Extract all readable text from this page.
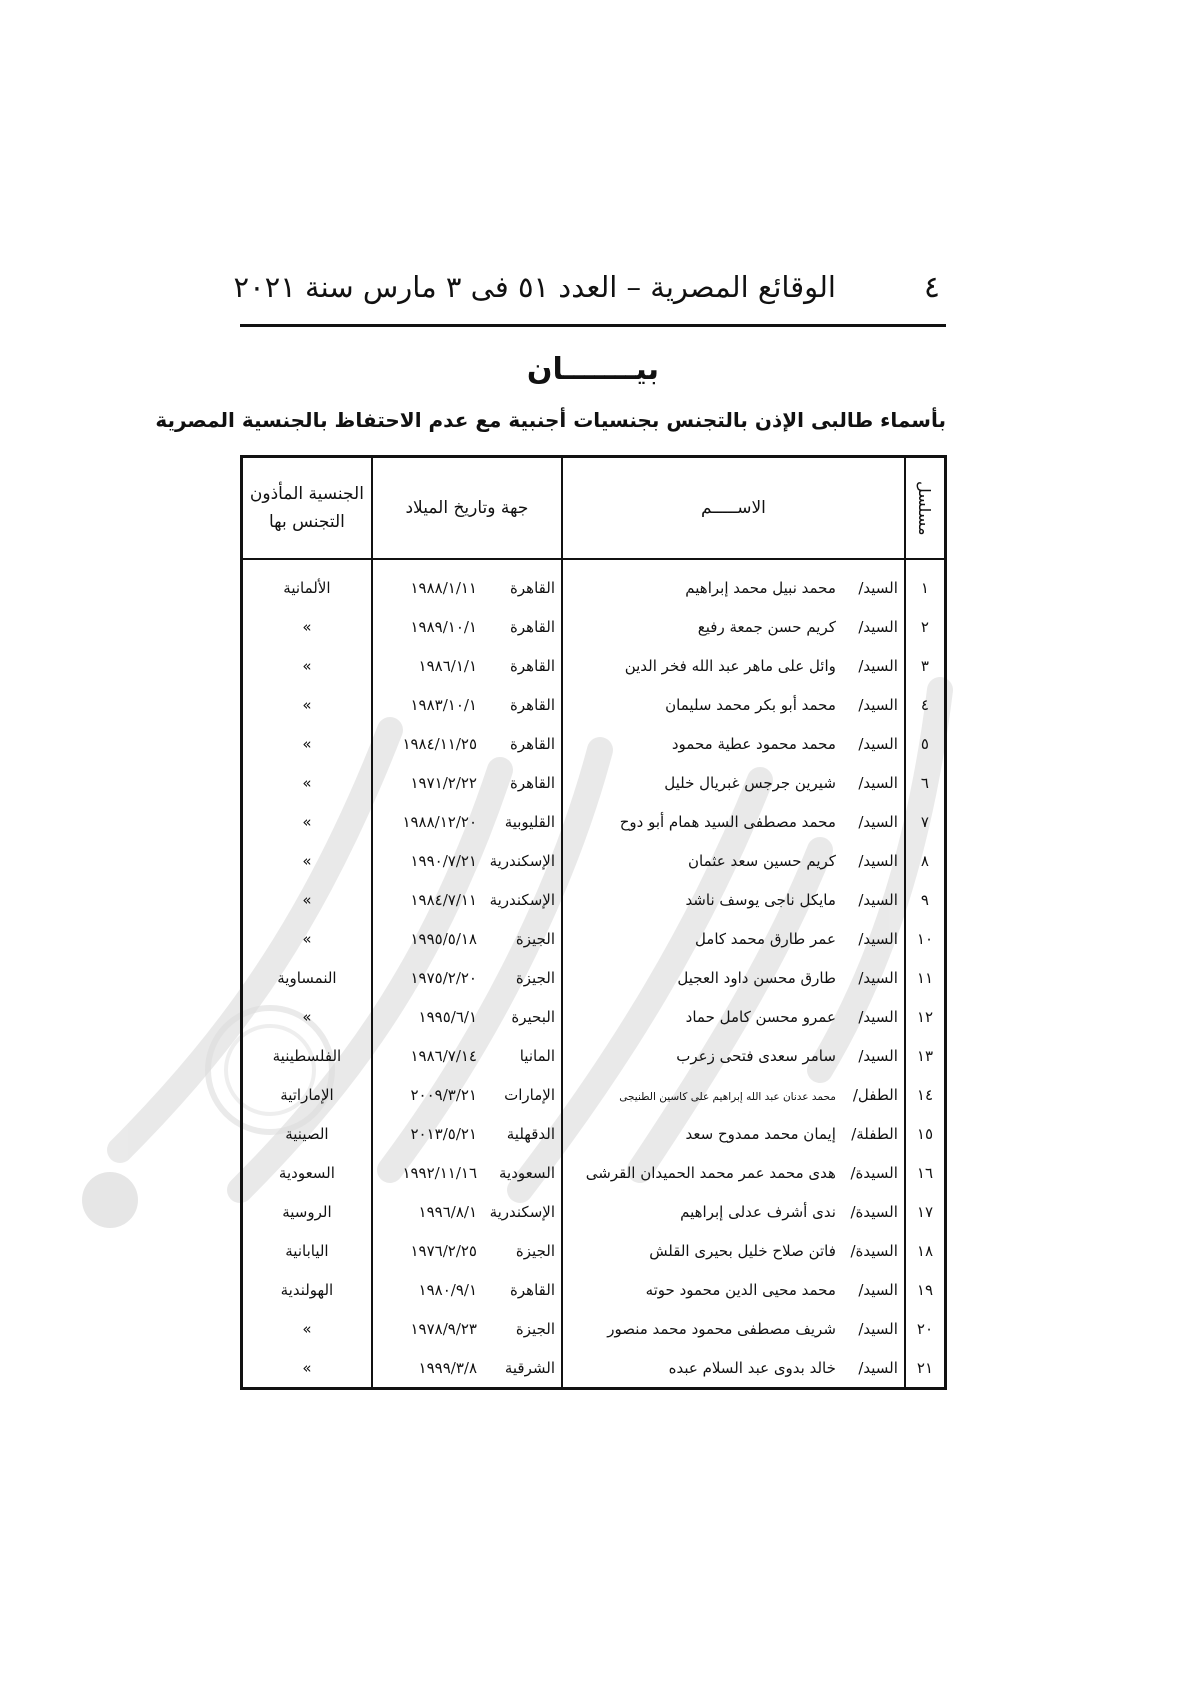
٤
الوقائع المصرية – العدد ٥١ فى ٣ مارس سنة ٢٠٢١
بيـــــــان
بأسماء طالبى الإذن بالتجنس بجنسيات أجنبية مع عدم الاحتفاظ بالجنسية المصرية
مسلسل	الاســـــم	جهة وتاريخ الميلاد	الجنسية المأذون التجنس بها
١	السيد/محمد نبيل محمد إبراهيم	القاهرة١٩٨٨/١/١١	الألمانية
٢	السيد/كريم حسن جمعة رفيع	القاهرة١٩٨٩/١٠/١	»
٣	السيد/وائل على ماهر عبد الله فخر الدين	القاهرة١٩٨٦/١/١	»
٤	السيد/محمد أبو بكر محمد سليمان	القاهرة١٩٨٣/١٠/١	»
٥	السيد/محمد محمود عطية محمود	القاهرة١٩٨٤/١١/٢٥	»
٦	السيد/شيرين جرجس غبريال خليل	القاهرة١٩٧١/٢/٢٢	»
٧	السيد/محمد مصطفى السيد همام أبو دوح	القليوبية١٩٨٨/١٢/٢٠	»
٨	السيد/كريم حسين سعد عثمان	الإسكندرية١٩٩٠/٧/٢١	»
٩	السيد/مايكل ناجى يوسف ناشد	الإسكندرية١٩٨٤/٧/١١	»
١٠	السيد/عمر طارق محمد كامل	الجيزة١٩٩٥/٥/١٨	»
١١	السيد/طارق محسن داود العجيل	الجيزة١٩٧٥/٢/٢٠	النمساوية
١٢	السيد/عمرو محسن كامل حماد	البحيرة١٩٩٥/٦/١	»
١٣	السيد/سامر سعدى فتحى زعرب	المانيا١٩٨٦/٧/١٤	الفلسطينية
١٤	الطفل/محمد عدنان عبد الله إبراهيم على كاسين الطنيجى	الإمارات٢٠٠٩/٣/٢١	الإماراتية
١٥	الطفلة/إيمان محمد ممدوح سعد	الدقهلية٢٠١٣/٥/٢١	الصينية
١٦	السيدة/هدى محمد عمر محمد الحميدان القرشى	السعودية١٩٩٢/١١/١٦	السعودية
١٧	السيدة/ندى أشرف عدلى إبراهيم	الإسكندرية١٩٩٦/٨/١	الروسية
١٨	السيدة/فاتن صلاح خليل بحيرى القلش	الجيزة١٩٧٦/٢/٢٥	اليابانية
١٩	السيد/محمد محيى الدين محمود حوته	القاهرة١٩٨٠/٩/١	الهولندية
٢٠	السيد/شريف مصطفى محمود محمد منصور	الجيزة١٩٧٨/٩/٢٣	»
٢١	السيد/خالد بدوى عبد السلام عبده	الشرقية١٩٩٩/٣/٨	»
